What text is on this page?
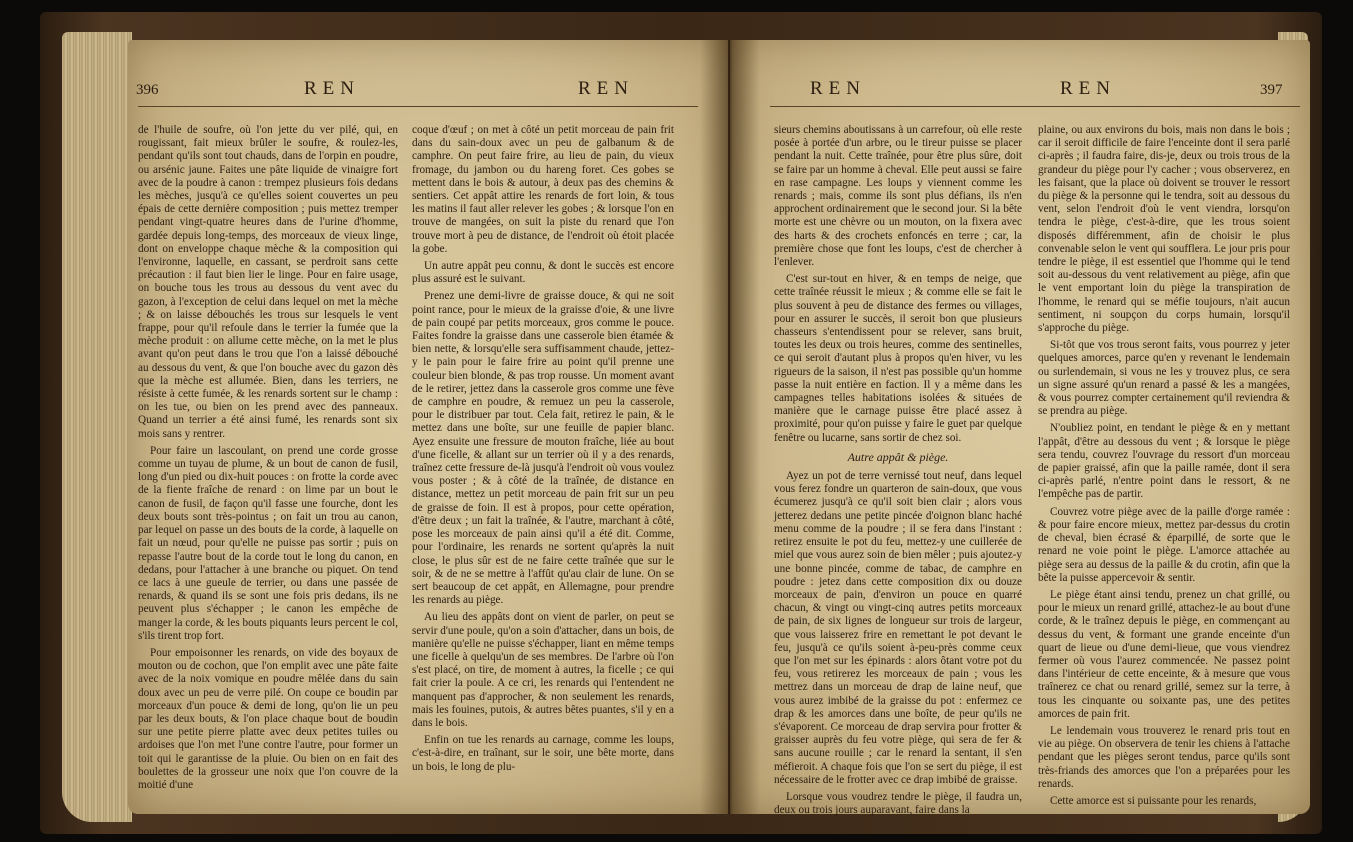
396	REN	REN

de l'huile de soufre, où l'on jette du ver pilé, qui, en rougissant, fait mieux brûler le soufre, & roulez-les, pendant qu'ils sont tout chauds, dans de l'orpin en poudre, ou arsénic jaune. Faites une pâte liquide de vinaigre fort avec de la poudre à canon : trempez plusieurs fois dedans les mèches, jusqu'à ce qu'elles soient couvertes un peu épais de cette dernière composition ; puis mettez tremper pendant vingt-quatre heures dans de l'urine d'homme, gardée depuis long-temps, des morceaux de vieux linge, dont on enveloppe chaque mèche & la composition qui l'environne, laquelle, en cassant, se perdroit sans cette précaution : il faut bien lier le linge. Pour en faire usage, on bouche tous les trous au dessous du vent avec du gazon, à l'exception de celui dans lequel on met la mèche ; & on laisse débouchés les trous sur lesquels le vent frappe, pour qu'il refoule dans le terrier la fumée que la mèche produit : on allume cette mèche, on la met le plus avant qu'on peut dans le trou que l'on a laissé débouché au dessous du vent, & que l'on bouche avec du gazon dès que la mèche est allumée. Bien, dans les terriers, ne résiste à cette fumée, & les renards sortent sur le champ : on les tue, ou bien on les prend avec des panneaux. Quand un terrier a été ainsi fumé, les renards sont six mois sans y rentrer.

Pour faire un lascoulant, on prend une corde grosse comme un tuyau de plume, & un bout de canon de fusil, long d'un pied ou dix-huit pouces : on frotte la corde avec de la fiente fraîche de renard : on lime par un bout le canon de fusil, de façon qu'il fasse une fourche, dont les deux bouts sont très-pointus ; on fait un trou au canon, par lequel on passe un des bouts de la corde, à laquelle on fait un nœud, pour qu'elle ne puisse pas sortir ; puis on repasse l'autre bout de la corde tout le long du canon, en dedans, pour l'attacher à une branche ou piquet. On tend ce lacs à une gueule de terrier, ou dans une passée de renards, & quand ils se sont une fois pris dedans, ils ne peuvent plus s'échapper ; le canon les empêche de manger la corde, & les bouts piquants leurs percent le col, s'ils tirent trop fort.

Pour empoisonner les renards, on vide des boyaux de mouton ou de cochon, que l'on emplit avec une pâte faite avec de la noix vomique en poudre mêlée dans du sain doux avec un peu de verre pilé. On coupe ce boudin par morceaux d'un pouce & demi de long, qu'on lie un peu par les deux bouts, & l'on place chaque bout de boudin sur une petite pierre platte avec deux petites tuiles ou ardoises que l'on met l'une contre l'autre, pour former un toit qui le garantisse de la pluie. Ou bien on en fait des boulettes de la grosseur une noix que l'on couvre de la moitié d'une

coque d'œuf ; on met à côté un petit morceau de pain frit dans du sain-doux avec un peu de galbanum & de camphre. On peut faire frire, au lieu de pain, du vieux fromage, du jambon ou du hareng foret. Ces gobes se mettent dans le bois & autour, à deux pas des chemins & sentiers. Cet appât attire les renards de fort loin, & tous les matins il faut aller relever les gobes ; & lorsque l'on en trouve de mangées, on suit la piste du renard que l'on trouve mort à peu de distance, de l'endroit où étoit placée la gobe.

Un autre appât peu connu, & dont le succès est encore plus assuré est le suivant.

Prenez une demi-livre de graisse douce, & qui ne soit point rance, pour le mieux de la graisse d'oie, & une livre de pain coupé par petits morceaux, gros comme le pouce. Faites fondre la graisse dans une casserole bien étamée & bien nette, & lorsqu'elle sera suffisamment chaude, jettez-y le pain pour le faire frire au point qu'il prenne une couleur bien blonde, & pas trop rousse. Un moment avant de le retirer, jettez dans la casserole gros comme une fève de camphre en poudre, & remuez un peu la casserole, pour le distribuer par tout. Cela fait, retirez le pain, & le mettez dans une boîte, sur une feuille de papier blanc. Ayez ensuite une fressure de mouton fraîche, liée au bout d'une ficelle, & allant sur un terrier où il y a des renards, traînez cette fressure de-là jusqu'à l'endroit où vous voulez vous poster ; & à côté de la traînée, de distance en distance, mettez un petit morceau de pain frit sur un peu de graisse de foin. Il est à propos, pour cette opération, d'être deux ; un fait la traînée, & l'autre, marchant à côté, pose les morceaux de pain ainsi qu'il a été dit. Comme, pour l'ordinaire, les renards ne sortent qu'après la nuit close, le plus sûr est de ne faire cette traînée que sur le soir, & de ne se mettre à l'affût qu'au clair de lune. On se sert beaucoup de cet appât, en Allemagne, pour prendre les renards au piège.

Au lieu des appâts dont on vient de parler, on peut se servir d'une poule, qu'on a soin d'attacher, dans un bois, de manière qu'elle ne puisse s'échapper, liant en même temps une ficelle à quelqu'un de ses membres. De l'arbre où l'on s'est placé, on tire, de moment à autres, la ficelle ; ce qui fait crier la poule. A ce cri, les renards qui l'entendent ne manquent pas d'approcher, & non seulement les renards, mais les fouines, putois, & autres bêtes puantes, s'il y en a dans le bois.

Enfin on tue les renards au carnage, comme les loups, c'est-à-dire, en traînant, sur le soir, une bête morte, dans un bois, le long de plu-

REN	REN	397

sieurs chemins aboutissans à un carrefour, où elle reste posée à portée d'un arbre, ou le tireur puisse se placer pendant la nuit. Cette traînée, pour être plus sûre, doit se faire par un homme à cheval. Elle peut aussi se faire en rase campagne. Les loups y viennent comme les renards ; mais, comme ils sont plus défians, ils n'en approchent ordinairement que le second jour. Si la bête morte est une chèvre ou un mouton, on la fixera avec des harts & des crochets enfoncés en terre ; car, la première chose que font les loups, c'est de chercher à l'enlever.

C'est sur-tout en hiver, & en temps de neige, que cette traînée réussit le mieux ; & comme elle se fait le plus souvent à peu de distance des fermes ou villages, pour en assurer le succès, il seroit bon que plusieurs chasseurs s'entendissent pour se relever, sans bruit, toutes les deux ou trois heures, comme des sentinelles, ce qui seroit d'autant plus à propos qu'en hiver, vu les rigueurs de la saison, il n'est pas possible qu'un homme passe la nuit entière en faction. Il y a même dans les campagnes telles habitations isolées & situées de manière que le carnage puisse être placé assez à proximité, pour qu'on puisse y faire le guet par quelque fenêtre ou lucarne, sans sortir de chez soi.

Autre appât & piège.

Ayez un pot de terre vernissé tout neuf, dans lequel vous ferez fondre un quarteron de sain-doux, que vous écumerez jusqu'à ce qu'il soit bien clair ; alors vous jetterez dedans une petite pincée d'oignon blanc haché menu comme de la poudre ; il se fera dans l'instant : retirez ensuite le pot du feu, mettez-y une cuillerée de miel que vous aurez soin de bien mêler ; puis ajoutez-y une bonne pincée, comme de tabac, de camphre en poudre : jetez dans cette composition dix ou douze morceaux de pain, d'environ un pouce en quarré chacun, & vingt ou vingt-cinq autres petits morceaux de pain, de six lignes de longueur sur trois de largeur, que vous laisserez frire en remettant le pot devant le feu, jusqu'à ce qu'ils soient à-peu-près comme ceux que l'on met sur les épinards : alors ôtant votre pot du feu, vous retirerez les morceaux de pain ; vous les mettrez dans un morceau de drap de laine neuf, que vous aurez imbibé de la graisse du pot : enfermez ce drap & les amorces dans une boîte, de peur qu'ils ne s'évaporent. Ce morceau de drap servira pour frotter & graisser auprès du feu votre piège, qui sera de fer & sans aucune rouille ; car le renard la sentant, il s'en méfieroit. A chaque fois que l'on se sert du piège, il est nécessaire de le frotter avec ce drap imbibé de graisse.

Lorsque vous voudrez tendre le piège, il faudra un, deux ou trois jours auparavant, faire dans la

plaine, ou aux environs du bois, mais non dans le bois ; car il seroit difficile de faire l'enceinte dont il sera parlé ci-après ; il faudra faire, dis-je, deux ou trois trous de la grandeur du piège pour l'y cacher ; vous observerez, en les faisant, que la place où doivent se trouver le ressort du piège & la personne qui le tendra, soit au dessous du vent, selon l'endroit d'où le vent viendra, lorsqu'on tendra le piège, c'est-à-dire, que les trous soient disposés différemment, afin de choisir le plus convenable selon le vent qui soufflera. Le jour pris pour tendre le piège, il est essentiel que l'homme qui le tend soit au-dessous du vent relativement au piège, afin que le vent emportant loin du piège la transpiration de l'homme, le renard qui se méfie toujours, n'ait aucun sentiment, ni soupçon du corps humain, lorsqu'il s'approche du piège.

Si-tôt que vos trous seront faits, vous pourrez y jeter quelques amorces, parce qu'en y revenant le lendemain ou surlendemain, si vous ne les y trouvez plus, ce sera un signe assuré qu'un renard a passé & les a mangées, & vous pourrez compter certainement qu'il reviendra & se prendra au piège.

N'oubliez point, en tendant le piège & en y mettant l'appât, d'être au dessous du vent ; & lorsque le piège sera tendu, couvrez l'ouvrage du ressort d'un morceau de papier graissé, afin que la paille ramée, dont il sera ci-après parlé, n'entre point dans le ressort, & ne l'empêche pas de partir.

Couvrez votre piège avec de la paille d'orge ramée : & pour faire encore mieux, mettez par-dessus du crotin de cheval, bien écrasé & éparpillé, de sorte que le renard ne voie point le piège. L'amorce attachée au piège sera au dessus de la paille & du crotin, afin que la bête la puisse appercevoir & sentir.

Le piège étant ainsi tendu, prenez un chat grillé, ou pour le mieux un renard grillé, attachez-le au bout d'une corde, & le traînez depuis le piège, en commençant au dessus du vent, & formant une grande enceinte d'un quart de lieue ou d'une demi-lieue, que vous viendrez fermer où vous l'aurez commencée. Ne passez point dans l'intérieur de cette enceinte, & à mesure que vous traînerez ce chat ou renard grillé, semez sur la terre, à tous les cinquante ou soixante pas, une des petites amorces de pain frit.

Le lendemain vous trouverez le renard pris tout en vie au piège. On observera de tenir les chiens à l'attache pendant que les pièges seront tendus, parce qu'ils sont très-friands des amorces que l'on a préparées pour les renards.

Cette amorce est si puissante pour les renards,
